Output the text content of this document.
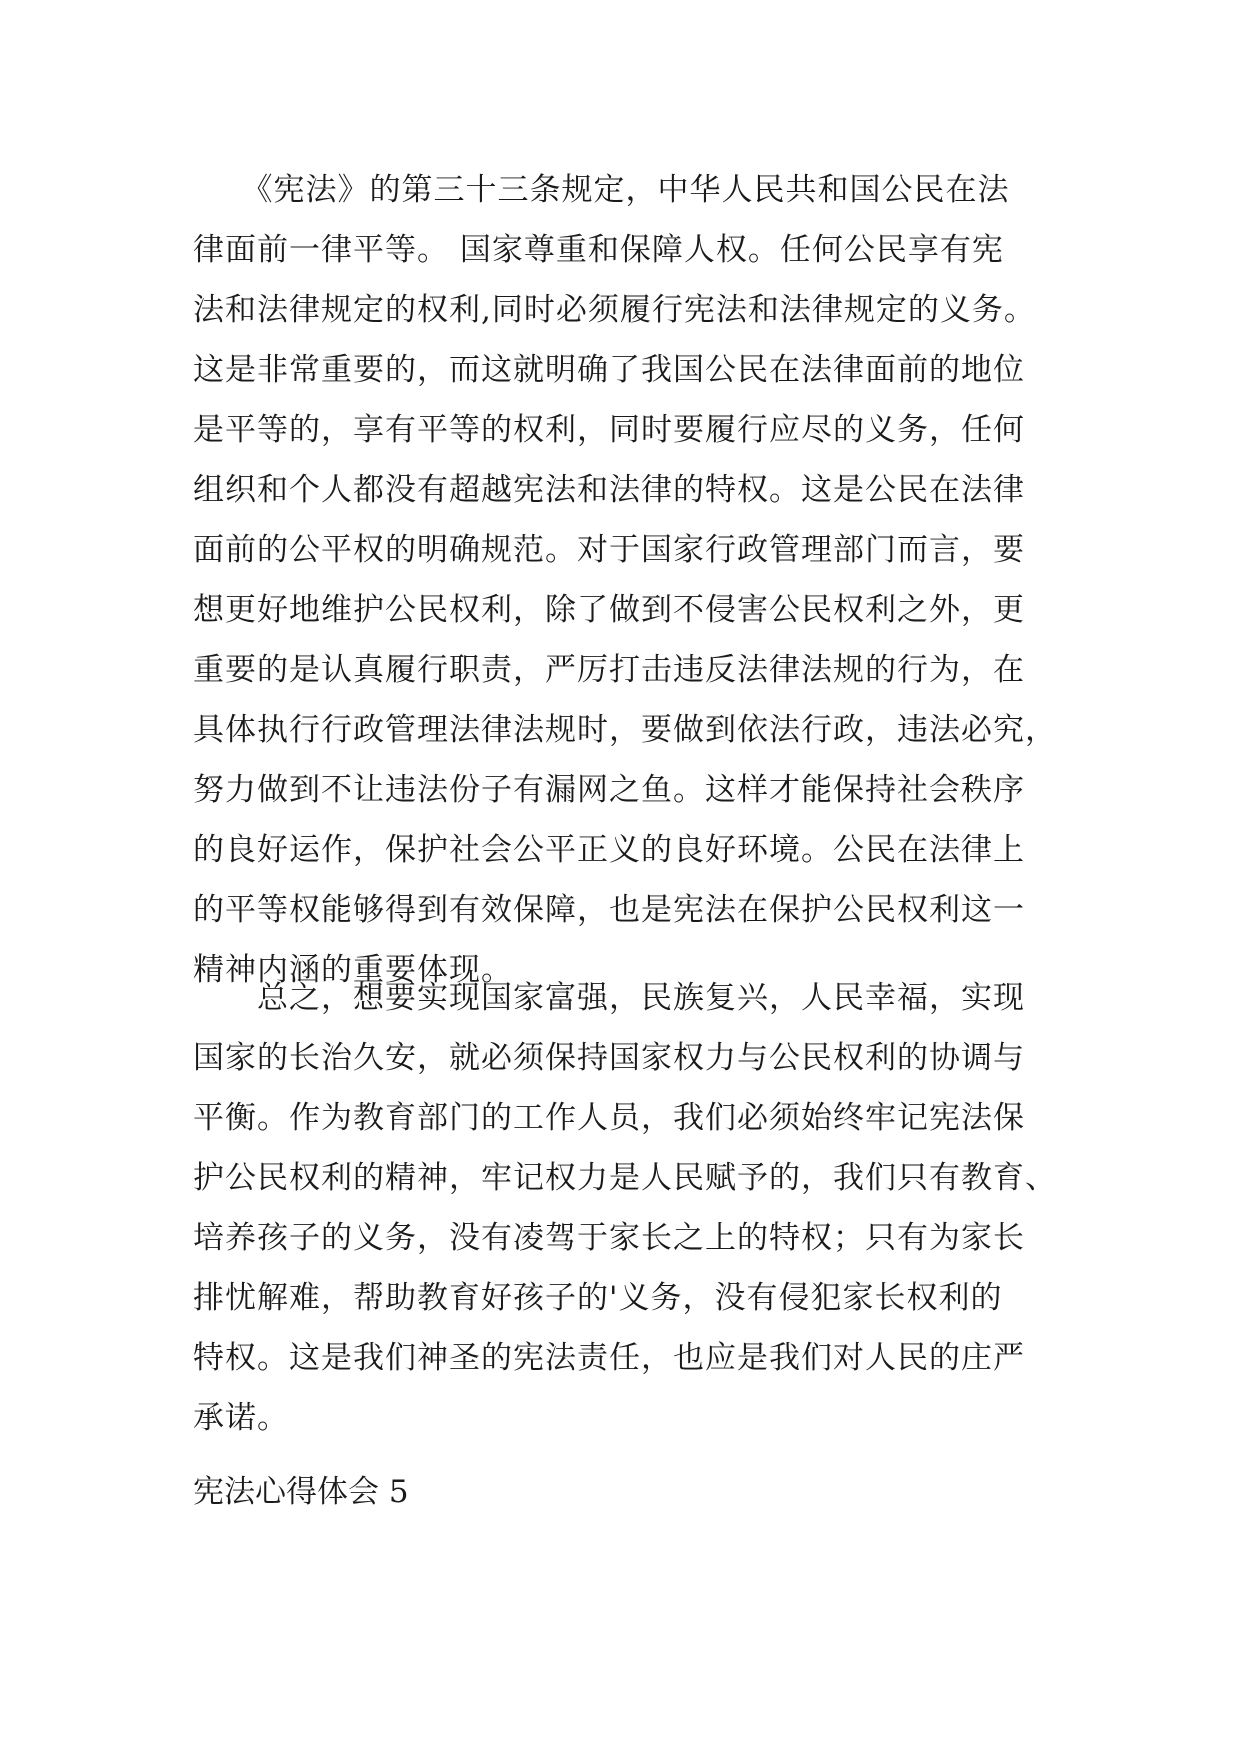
　　《宪法》的第三十三条规定，中华人民共和国公民在法
律面前一律平等。 国家尊重和保障人权。任何公民享有宪
法和法律规定的权利,同时必须履行宪法和法律规定的义务。
这是非常重要的，而这就明确了我国公民在法律面前的地位
是平等的，享有平等的权利，同时要履行应尽的义务，任何
组织和个人都没有超越宪法和法律的特权。这是公民在法律
面前的公平权的明确规范。对于国家行政管理部门而言，要
想更好地维护公民权利，除了做到不侵害公民权利之外，更
重要的是认真履行职责，严厉打击违反法律法规的行为，在
具体执行行政管理法律法规时，要做到依法行政，违法必究，
努力做到不让违法份子有漏网之鱼。这样才能保持社会秩序
的良好运作，保护社会公平正义的良好环境。公民在法律上
的平等权能够得到有效保障，也是宪法在保护公民权利这一
精神内涵的重要体现。
　　总之，想要实现国家富强，民族复兴，人民幸福，实现
国家的长治久安，就必须保持国家权力与公民权利的协调与
平衡。作为教育部门的工作人员，我们必须始终牢记宪法保
护公民权利的精神，牢记权力是人民赋予的，我们只有教育、
培养孩子的义务，没有凌驾于家长之上的特权；只有为家长
排忧解难，帮助教育好孩子的'义务，没有侵犯家长权利的
特权。这是我们神圣的宪法责任，也应是我们对人民的庄严
承诺。
宪法心得体会 5
